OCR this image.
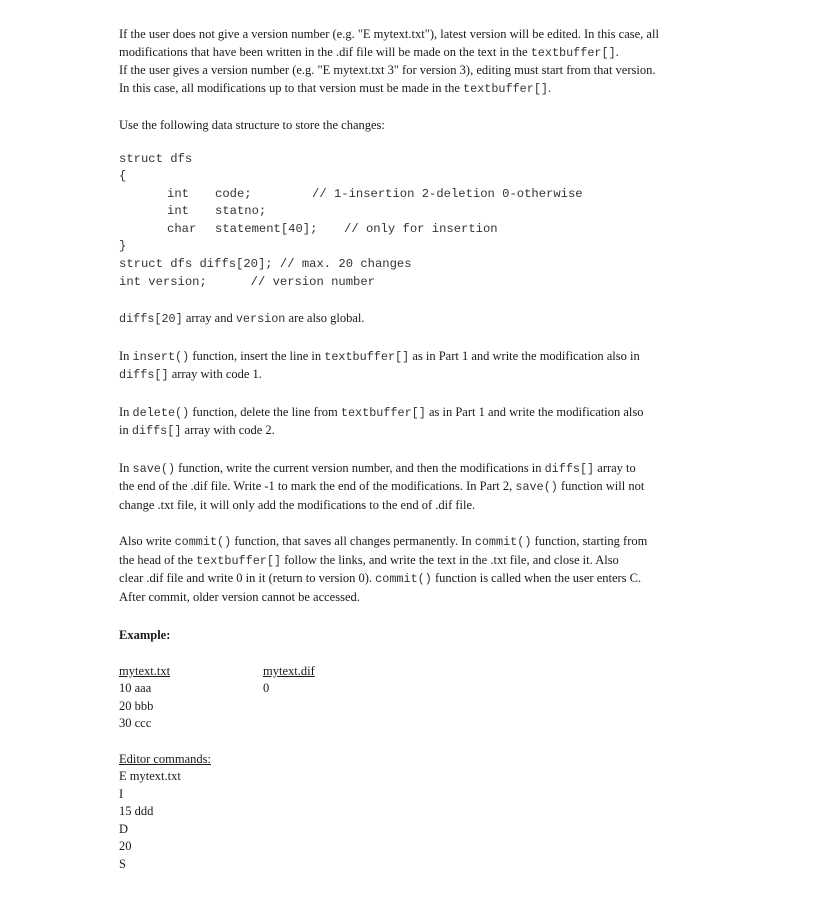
If the user does not give a version number (e.g. "E mytext.txt"), latest version will be edited. In this case, all

modifications that have been written in the .dif file will be made on the text in the textbuffer[].

If the user gives a version number (e.g. "E mytext.txt 3" for version 3), editing must start from that version.

In this case, all modifications up to that version must be made in the textbuffer[].

Use the following data structure to store the changes:

struct dfs
{
int code;	// 1-insertion 2-deletion 0-otherwise
int statno;
char statement[40]; // only for insertion
}
struct dfs diffs[20]; // max. 20 changes
int version;      // version number

diffs[20] array and version are also global.

In insert() function, insert the line in textbuffer[] as in Part 1 and write the modification also in

diffs[] array with code 1.

In delete() function, delete the line from textbuffer[] as in Part 1 and write the modification also

in diffs[] array with code 2.

In save() function, write the current version number, and then the modifications in diffs[] array to

the end of the .dif file. Write -1 to mark the end of the modifications. In Part 2, save() function will not

change .txt file, it will only add the modifications to the end of .dif file.

Also write commit() function, that saves all changes permanently. In commit() function, starting from

the head of the textbuffer[] follow the links, and write the text in the .txt file, and close it. Also

clear .dif file and write 0 in it (return to version 0). commit() function is called when the user enters C.

After commit, older version cannot be accessed.

Example:

mytext.txt
10 aaa
20 bbb
30 ccc
mytext.dif
0
Editor commands:
E mytext.txt
I
15 ddd
D
20
S
